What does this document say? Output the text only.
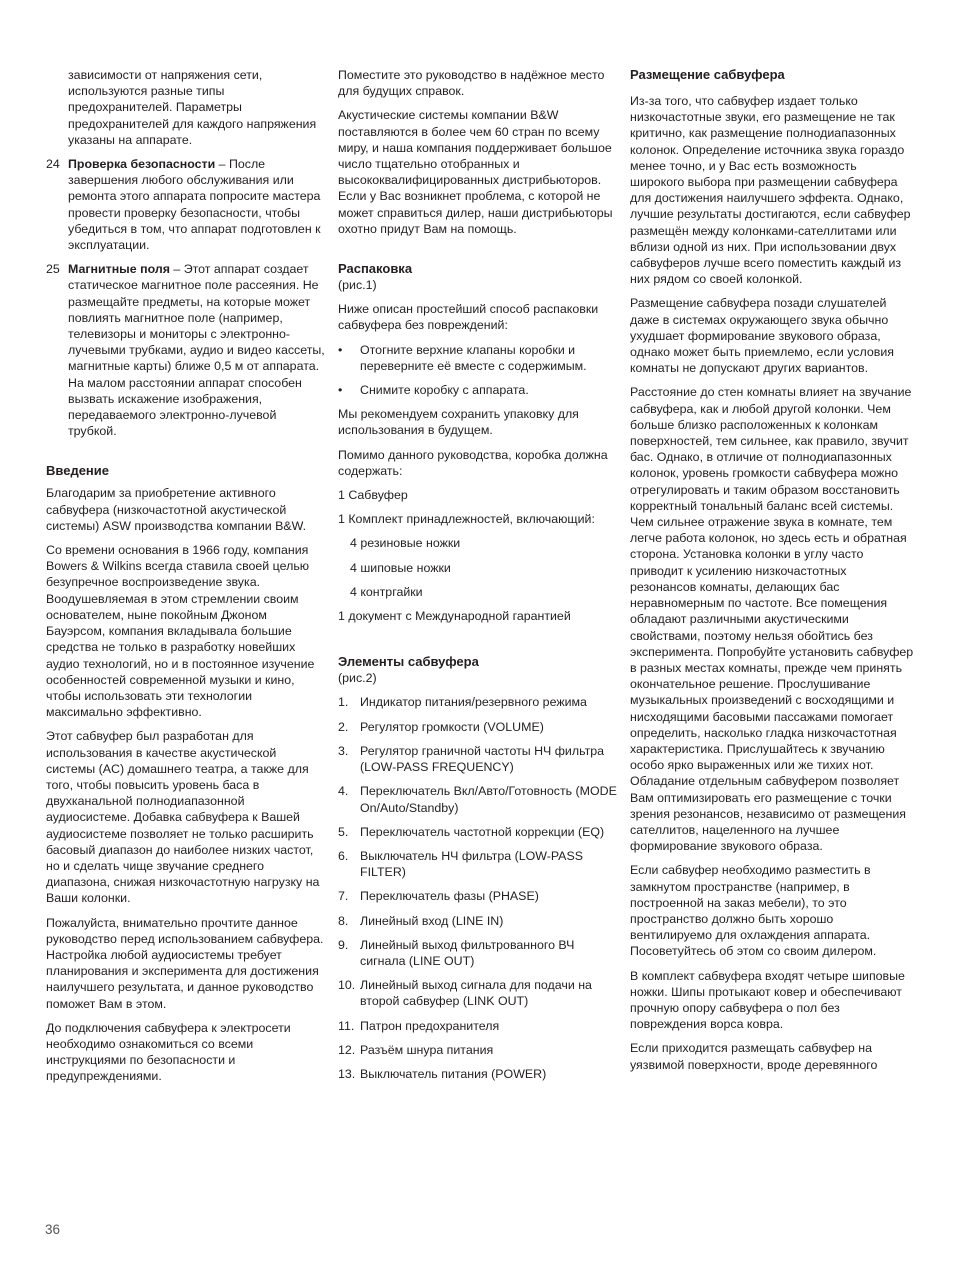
зависимости от напряжения сети, используются разные типы предохранителей. Параметры предохранителей для каждого напряжения указаны на аппарате.

24 Проверка безопасности – После завершения любого обслуживания или ремонта этого аппарата попросите мастера провести проверку безопасности, чтобы убедиться в том, что аппарат подготовлен к эксплуатации.
25 Магнитные поля – Этот аппарат создает статическое магнитное поле рассеяния. Не размещайте предметы, на которые может повлиять магнитное поле (например, телевизоры и мониторы с электронно-лучевыми трубками, аудио и видео кассеты, магнитные карты) ближе 0,5 м от аппарата. На малом расстоянии аппарат способен вызвать искажение изображения, передаваемого электронно-лучевой трубкой.
Введение

Благодарим за приобретение активного сабвуфера (низкочастотной акустической системы) ASW производства компании B&W.

Со времени основания в 1966 году, компания Bowers & Wilkins всегда ставила своей целью безупречное воспроизведение звука. Воодушевляемая в этом стремлении своим основателем, ныне покойным Джоном Бауэрсом, компания вкладывала большие средства не только в разработку новейших аудио технологий, но и в постоянное изучение особенностей современной музыки и кино, чтобы использовать эти технологии максимально эффективно.

Этот сабвуфер был разработан для использования в качестве акустической системы (AC) домашнего театра, а также для того, чтобы повысить уровень баса в двухканальной полнодиапазонной аудиосистеме. Добавка сабвуфера к Вашей аудиосистеме позволяет не только расширить басовый диапазон до наиболее низких частот, но и сделать чище звучание среднего диапазона, снижая низкочастотную нагрузку на Ваши колонки.

Пожалуйста, внимательно прочтите данное руководство перед использованием сабвуфера. Настройка любой аудиосистемы требует планирования и эксперимента для достижения наилучшего результата, и данное руководство поможет Вам в этом.

До подключения сабвуфера к электросети необходимо ознакомиться со всеми инструкциями по безопасности и предупреждениями.

Поместите это руководство в надёжное место для будущих справок.

Акустические системы компании B&W поставляются в более чем 60 стран по всему миру, и наша компания поддерживает большое число тщательно отобранных и высококвалифицированных дистрибьюторов. Если у Вас возникнет проблема, с которой не может справиться дилер, наши дистрибьюторы охотно придут Вам на помощь.

Распаковка
(рис.1)

Ниже описан простейший способ распаковки сабвуфера без повреждений:

•	Отогните верхние клапаны коробки и переверните её вместе с содержимым.
•	Снимите коробку с аппарата.

Мы рекомендуем сохранить упаковку для использования в будущем.

Помимо данного руководства, коробка должна содержать:

1 Сабвуфер

1 Комплект принадлежностей, включающий:

4 резиновые ножки

4 шиповые ножки

4 контргайки

1 документ с Международной гарантией

Элементы сабвуфера
(рис.2)
1. Индикатор питания/резервного режима
2. Регулятор громкости (VOLUME)
3. Регулятор граничной частоты НЧ фильтра (LOW-PASS FREQUENCY)
4. Переключатель Вкл/Авто/Готовность (MODE On/Auto/Standby)
5. Переключатель частотной коррекции (EQ)
6. Выключатель НЧ фильтра (LOW-PASS FILTER)
7. Переключатель фазы (PHASE)
8. Линейный вход (LINE IN)
9. Линейный выход фильтрованного ВЧ сигнала (LINE OUT)
10. Линейный выход сигнала для подачи на второй сабвуфер (LINK OUT)
11. Патрон предохранителя
12. Разъём шнура питания
13. Выключатель питания (POWER)
Размещение сабвуфера

Из-за того, что сабвуфер издает только низкочастотные звуки, его размещение не так критично, как размещение полнодиапазонных колонок. Определение источника звука гораздо менее точно, и у Вас есть возможность широкого выбора при размещении сабвуфера для достижения наилучшего эффекта. Однако, лучшие результаты достигаются, если сабвуфер размещён между колонками-сателлитами или вблизи одной из них. При использовании двух сабвуферов лучше всего поместить каждый из них рядом со своей колонкой.

Размещение сабвуфера позади слушателей даже в системах окружающего звука обычно ухудшает формирование звукового образа, однако может быть приемлемо, если условия комнаты не допускают других вариантов.

Расстояние до стен комнаты влияет на звучание сабвуфера, как и любой другой колонки. Чем больше близко расположенных к колонкам поверхностей, тем сильнее, как правило, звучит бас. Однако, в отличие от полнодиапазонных колонок, уровень громкости сабвуфера можно отрегулировать и таким образом восстановить корректный тональный баланс всей системы. Чем сильнее отражение звука в комнате, тем легче работа колонок, но здесь есть и обратная сторона. Установка колонки в углу часто приводит к усилению низкочастотных резонансов комнаты, делающих бас неравномерным по частоте. Все помещения обладают различными акустическими свойствами, поэтому нельзя обойтись без эксперимента. Попробуйте установить сабвуфер в разных местах комнаты, прежде чем принять окончательное решение. Прослушивание музыкальных произведений с восходящими и нисходящими басовыми пассажами помогает определить, насколько гладка низкочастотная характеристика. Прислушайтесь к звучанию особо ярко выраженных или же тихих нот. Обладание отдельным сабвуфером позволяет Вам оптимизировать его размещение с точки зрения резонансов, независимо от размещения сателлитов, нацеленного на лучшее формирование звукового образа.

Если сабвуфер необходимо разместить в замкнутом пространстве (например, в построенной на заказ мебели), то это пространство должно быть хорошо вентилируемо для охлаждения аппарата. Посоветуйтесь об этом со своим дилером.

В комплект сабвуфера входят четыре шиповые ножки. Шипы протыкают ковер и обеспечивают прочную опору сабвуфера о пол без повреждения ворса ковра.

Если приходится размещать сабвуфер на уязвимой поверхности, вроде деревянного

36
